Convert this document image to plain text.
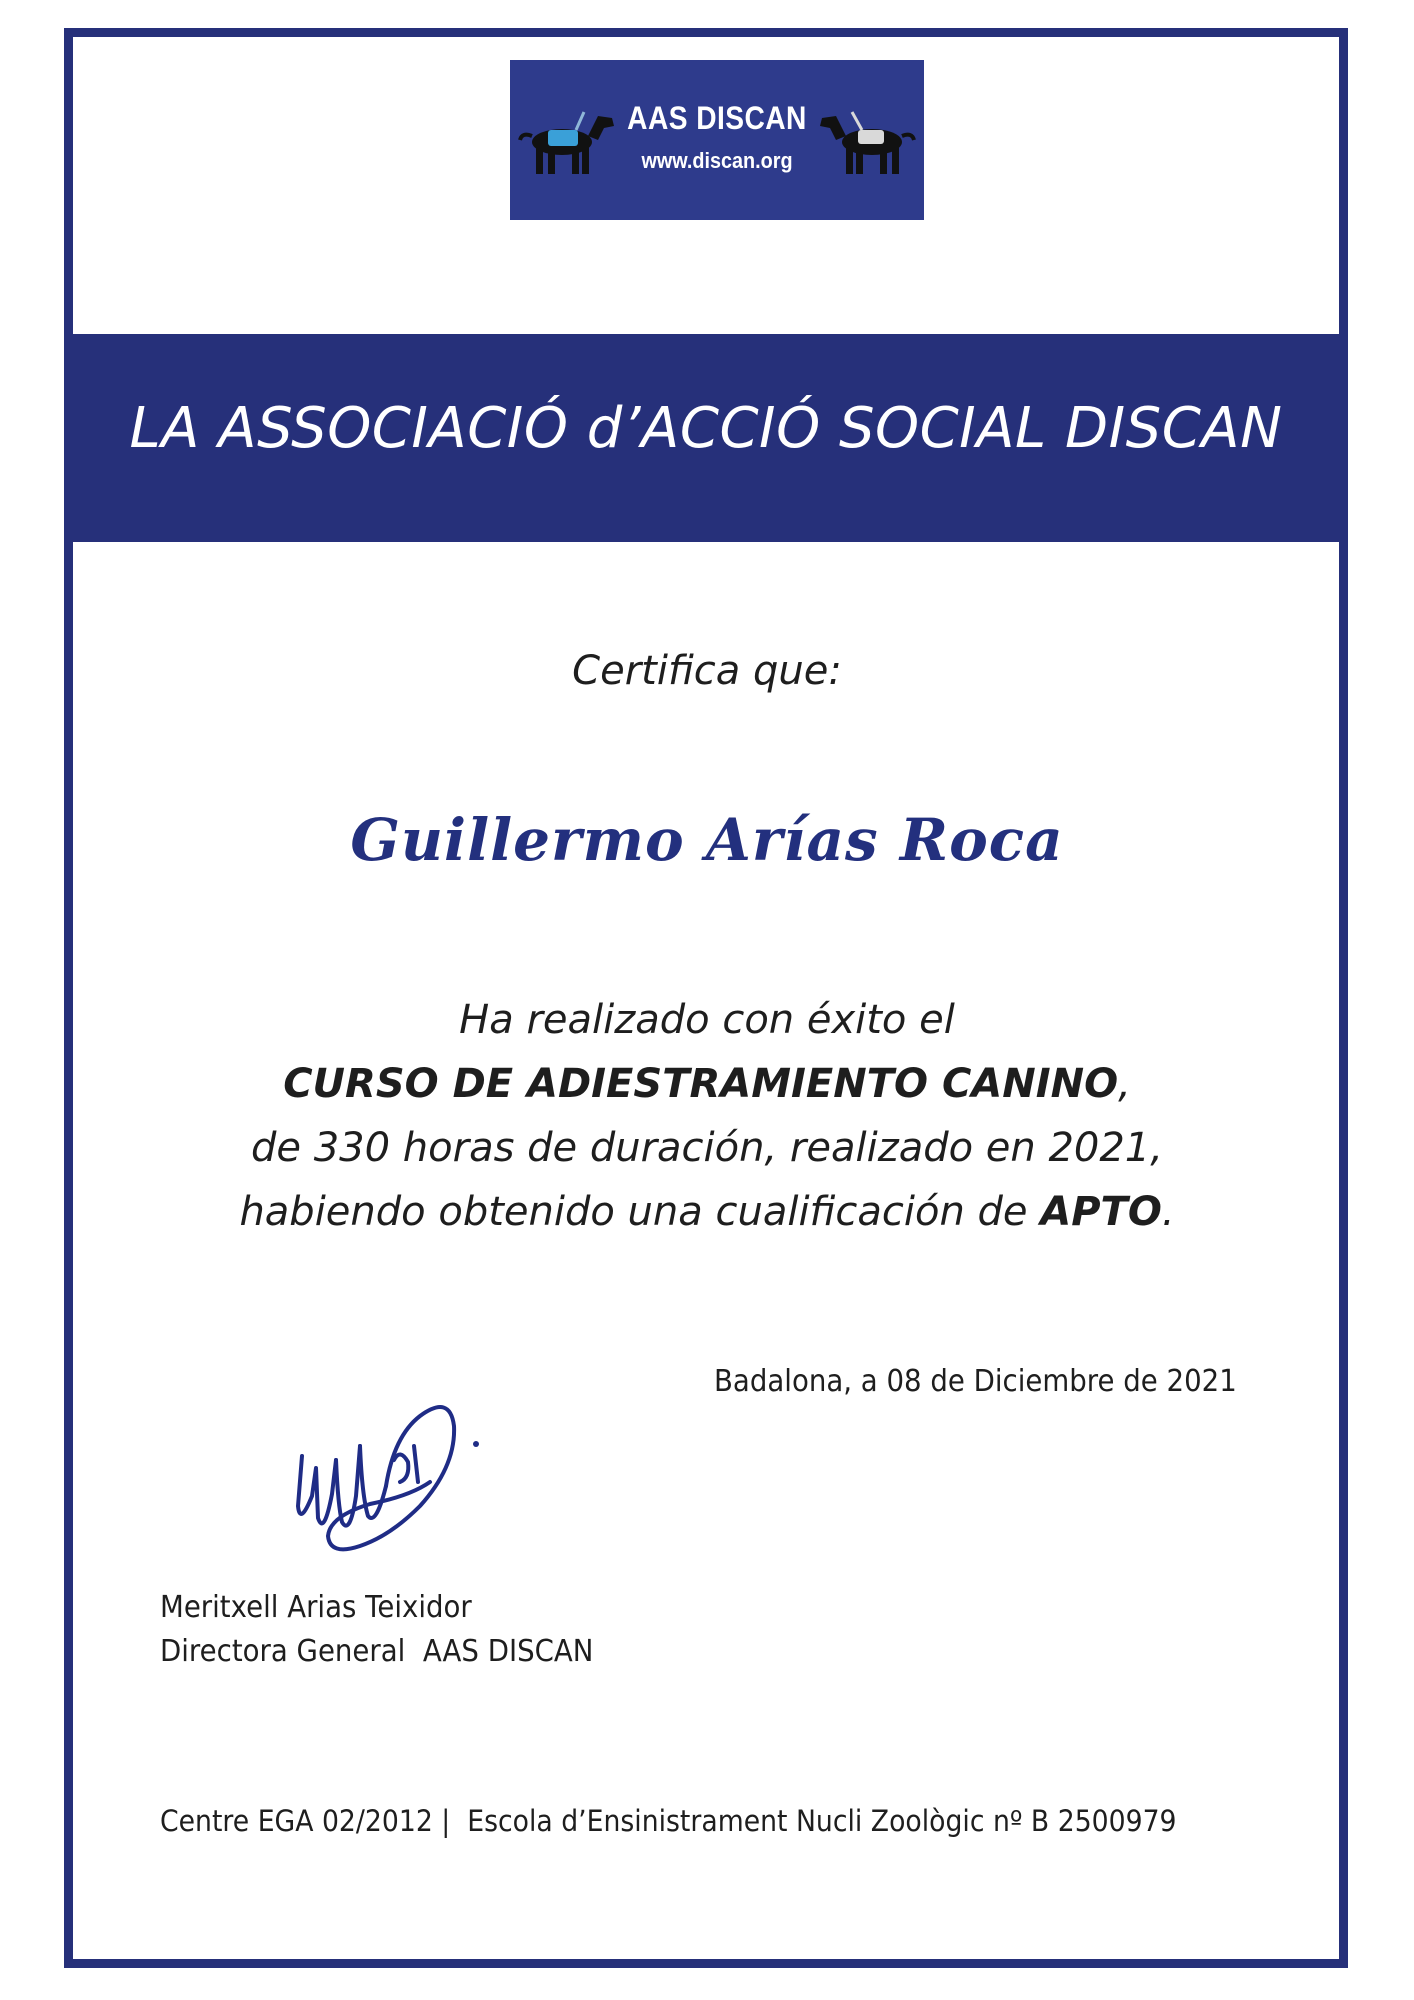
AAS DISCAN
www.discan.org
LA ASSOCIACIÓ d’ACCIÓ SOCIAL DISCAN
Certifica que:
Guillermo Arías Roca
Ha realizado con éxito el
CURSO DE ADIESTRAMIENTO CANINO,
de 330 horas de duración, realizado en 2021,
habiendo obtenido una cualificación de APTO.
Badalona, a 08 de Diciembre de 2021
Meritxell Arias Teixidor
Directora General  AAS DISCAN
Centre EGA 02/2012 |  Escola d’Ensinistrament Nucli Zoològic nº B 2500979
